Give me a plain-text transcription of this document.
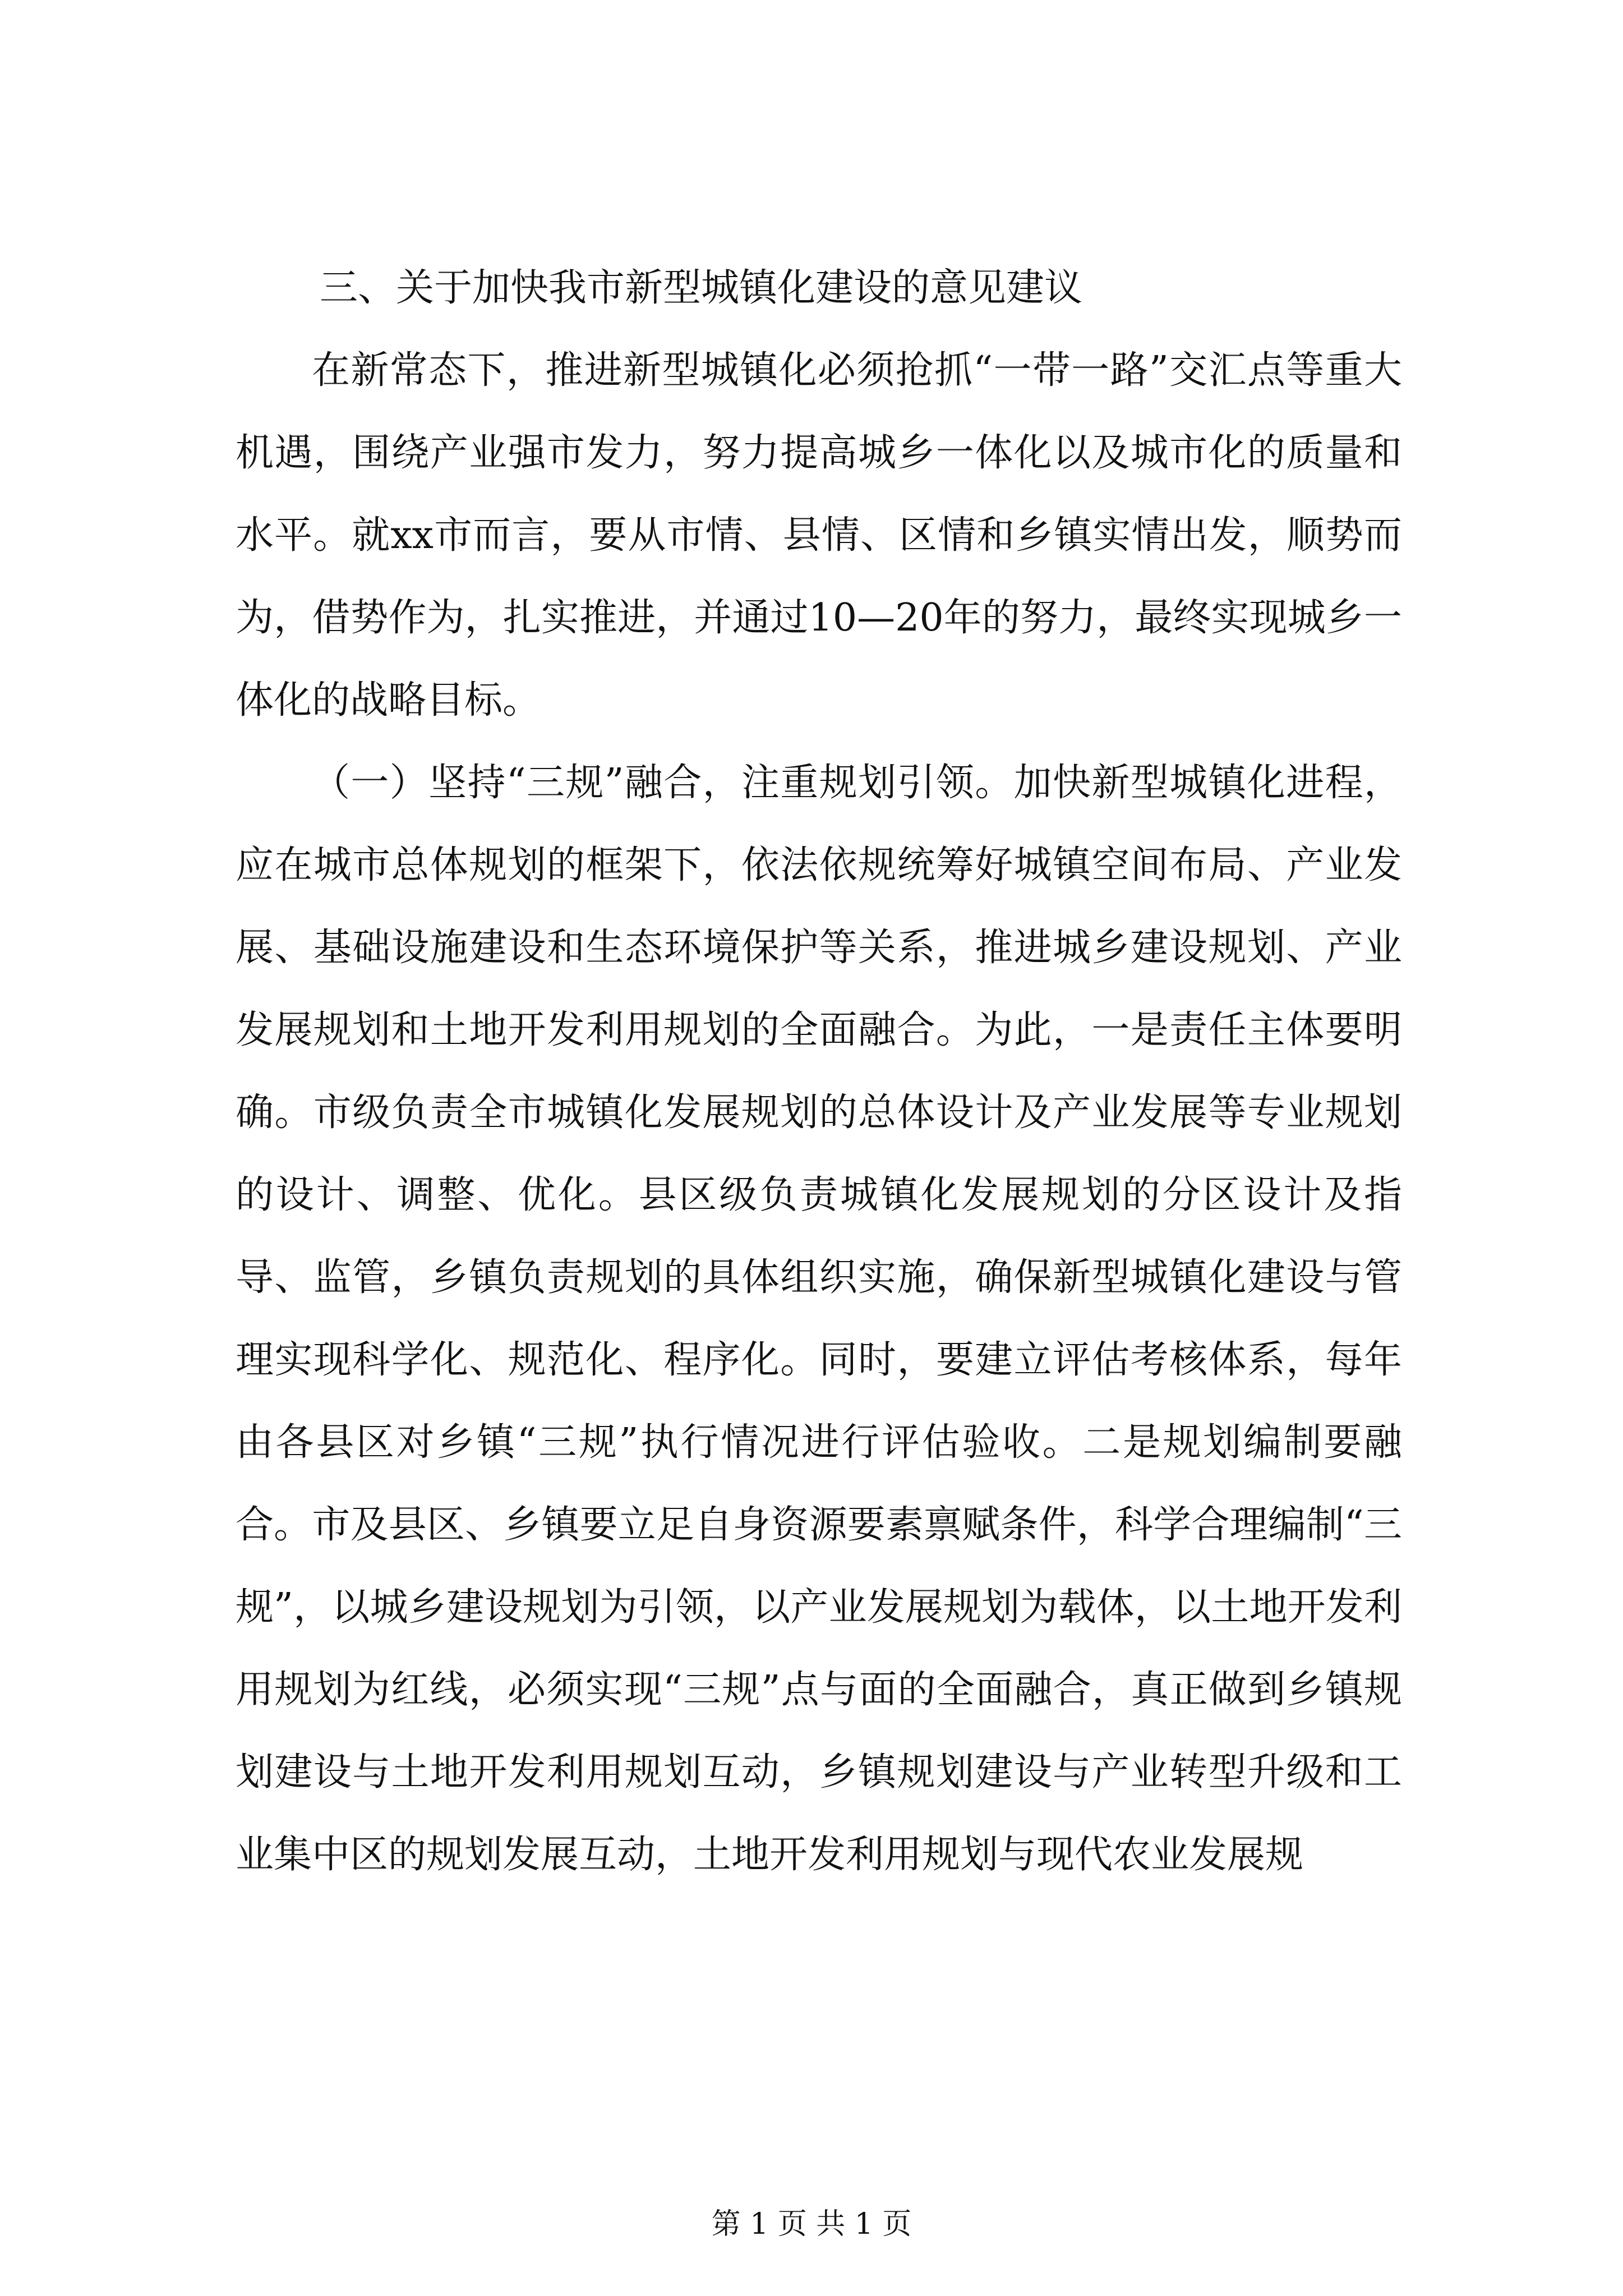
三、关于加快我市新型城镇化建设的意见建议

在新常态下，推进新型城镇化必须抢抓“一带一路”交汇点等重大机遇，围绕产业强市发力，努力提高城乡一体化以及城市化的质量和水平。就xx市而言，要从市情、县情、区情和乡镇实情出发，顺势而为，借势作为，扎实推进，并通过10—20年的努力，最终实现城乡一体化的战略目标。

（一）坚持“三规”融合，注重规划引领。加快新型城镇化进程，应在城市总体规划的框架下，依法依规统筹好城镇空间布局、产业发展、基础设施建设和生态环境保护等关系，推进城乡建设规划、产业发展规划和土地开发利用规划的全面融合。为此，一是责任主体要明确。市级负责全市城镇化发展规划的总体设计及产业发展等专业规划的设计、调整、优化。县区级负责城镇化发展规划的分区设计及指导、监管，乡镇负责规划的具体组织实施，确保新型城镇化建设与管理实现科学化、规范化、程序化。同时，要建立评估考核体系，每年由各县区对乡镇“三规”执行情况进行评估验收。二是规划编制要融合。市及县区、乡镇要立足自身资源要素禀赋条件，科学合理编制“三规”，以城乡建设规划为引领，以产业发展规划为载体，以土地开发利用规划为红线，必须实现“三规”点与面的全面融合，真正做到乡镇规划建设与土地开发利用规划互动，乡镇规划建设与产业转型升级和工业集中区的规划发展互动，土地开发利用规划与现代农业发展规

第 1 页 共 1 页
